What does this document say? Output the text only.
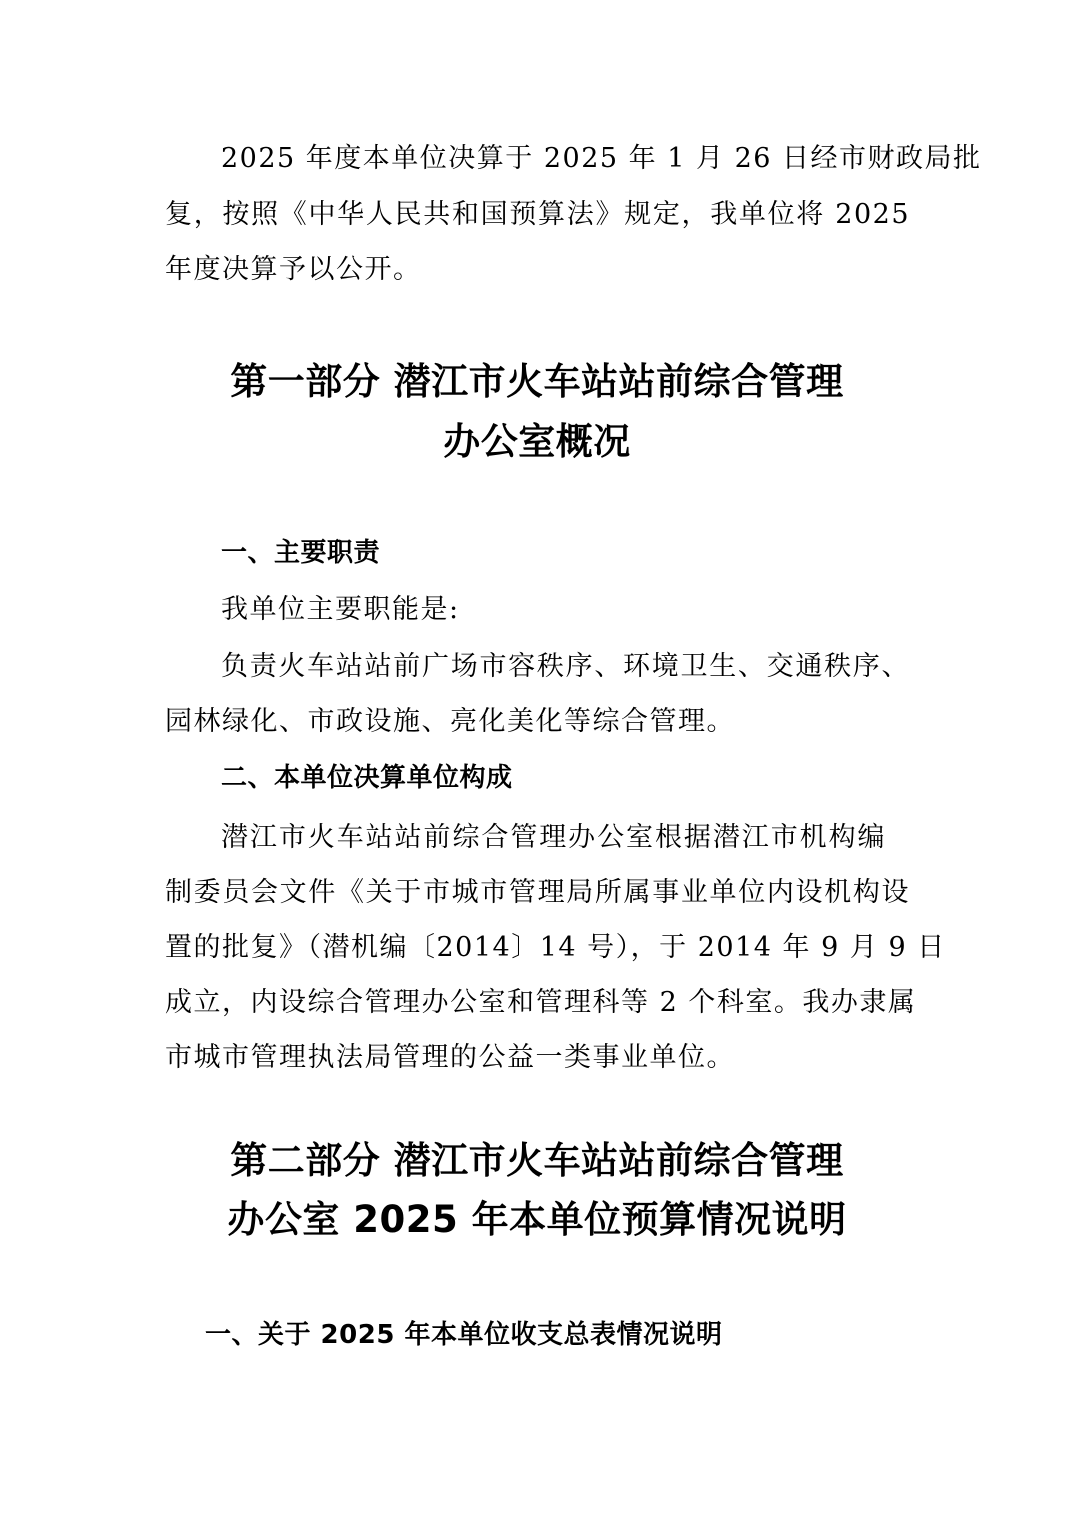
2025 年度本单位决算于 2025 年 1 月 26 日经市财政局批

复，按照《中华人民共和国预算法》规定，我单位将 2025

年度决算予以公开。

第一部分 潜江市火车站站前综合管理
办公室概况
一、主要职责

我单位主要职能是:

负责火车站站前广场市容秩序、环境卫生、交通秩序、

园林绿化、市政设施、亮化美化等综合管理。

二、本单位决算单位构成

潜江市火车站站前综合管理办公室根据潜江市机构编

制委员会文件《关于市城市管理局所属事业单位内设机构设

置的批复》（潜机编〔2014〕14 号），于 2014 年 9 月 9 日

成立，内设综合管理办公室和管理科等 2 个科室。我办隶属

市城市管理执法局管理的公益一类事业单位。

第二部分 潜江市火车站站前综合管理
办公室 2025 年本单位预算情况说明
一、关于 2025 年本单位收支总表情况说明
